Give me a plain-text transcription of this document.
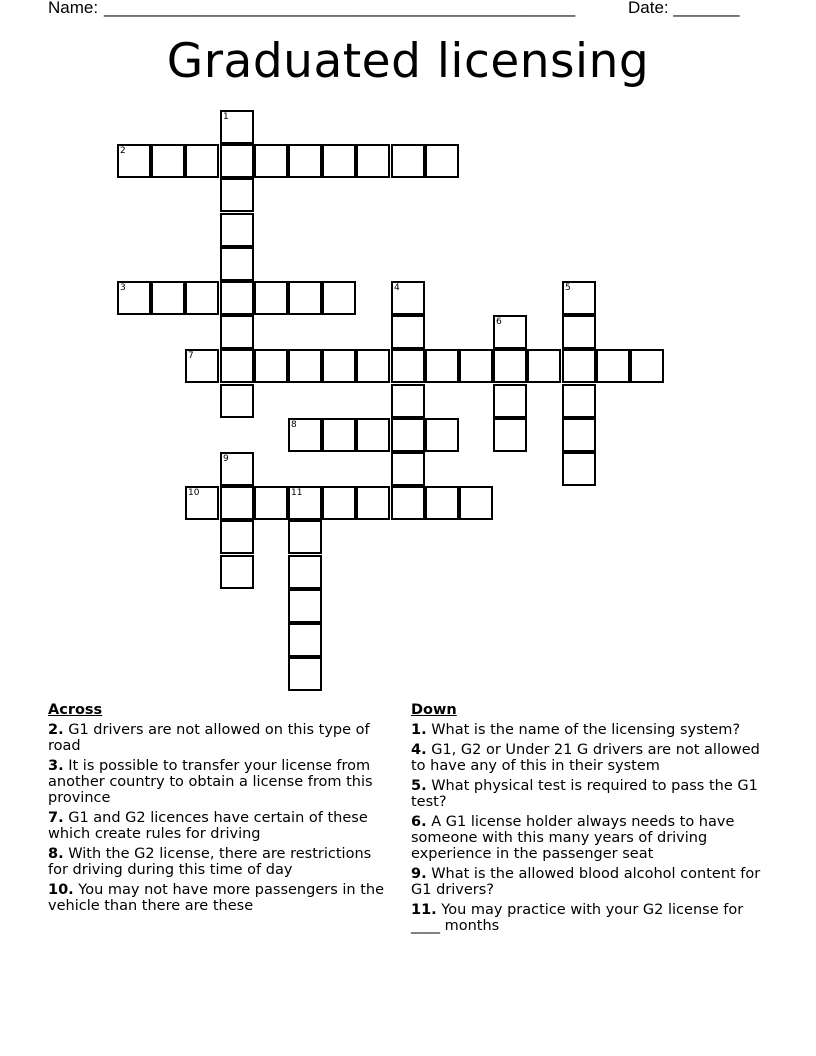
Name: ____________________________________________________	Date: _______
Graduated licensing
1
2
3	4	5
6
7
8
9
10	11
Across
2. G1 drivers are not allowed on this type of road
3. It is possible to transfer your license from another country to obtain a license from this province
7. G1 and G2 licences have certain of these which create rules for driving
8. With the G2 license, there are restrictions for driving during this time of day
10. You may not have more passengers in the vehicle than there are these
Down
1. What is the name of the licensing system?
4. G1, G2 or Under 21 G drivers are not allowed to have any of this in their system
5. What physical test is required to pass the G1 test?
6. A G1 license holder always needs to have someone with this many years of driving experience in the passenger seat
9. What is the allowed blood alcohol content for G1 drivers?
11. You may practice with your G2 license for ____ months
